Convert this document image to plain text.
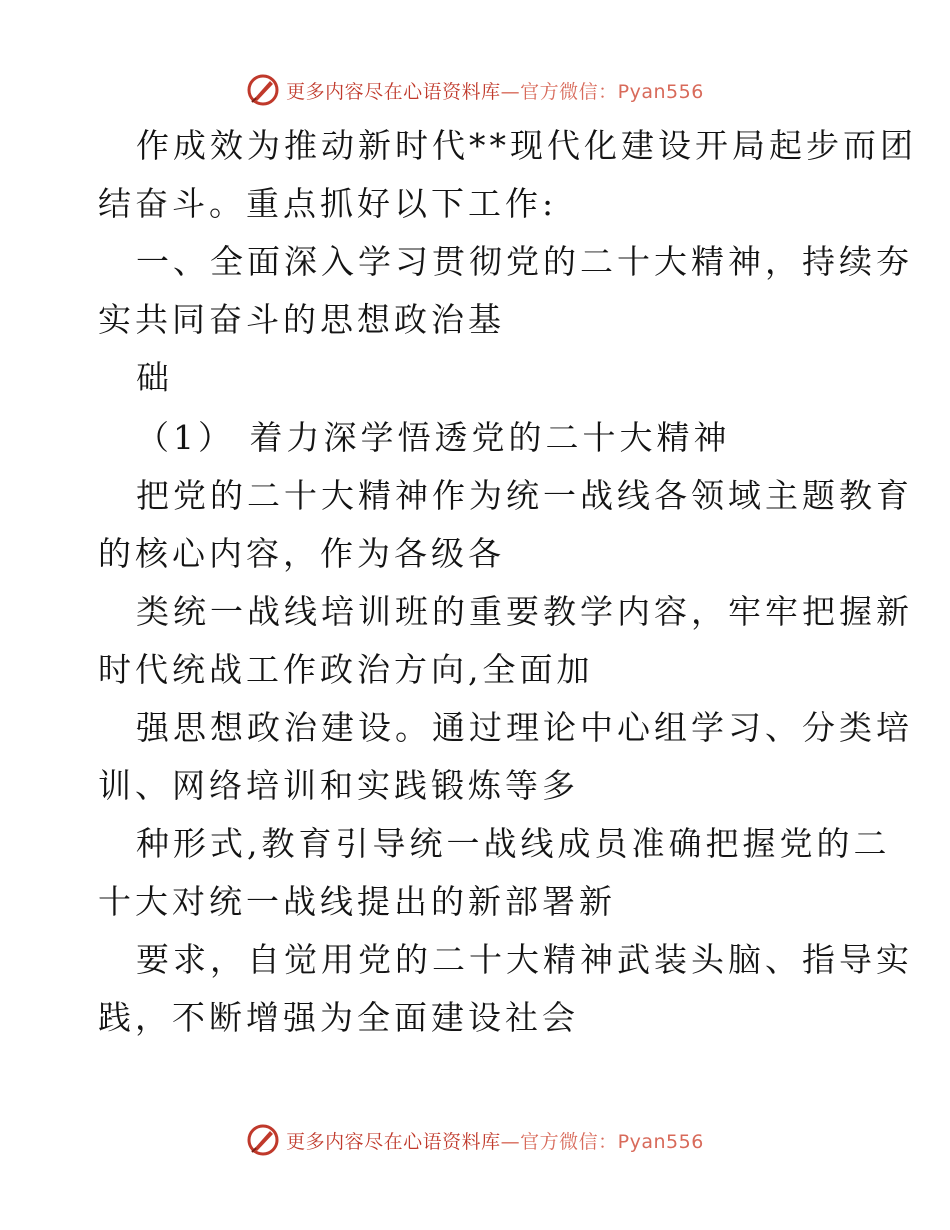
更多内容尽在心语资料库—官方微信：Pyan556
作成效为推动新时代**现代化建设开局起步而团
结奋斗。重点抓好以下工作:
一、全面深入学习贯彻党的二十大精神，持续夯
实共同奋斗的思想政治基
础
（1） 着力深学悟透党的二十大精神
把党的二十大精神作为统一战线各领域主题教育
的核心内容，作为各级各
类统一战线培训班的重要教学内容，牢牢把握新
时代统战工作政治方向,全面加
强思想政治建设。通过理论中心组学习、分类培
训、网络培训和实践锻炼等多
种形式,教育引导统一战线成员准确把握党的二
十大对统一战线提出的新部署新
要求，自觉用党的二十大精神武装头脑、指导实
践，不断增强为全面建设社会
更多内容尽在心语资料库—官方微信：Pyan556
